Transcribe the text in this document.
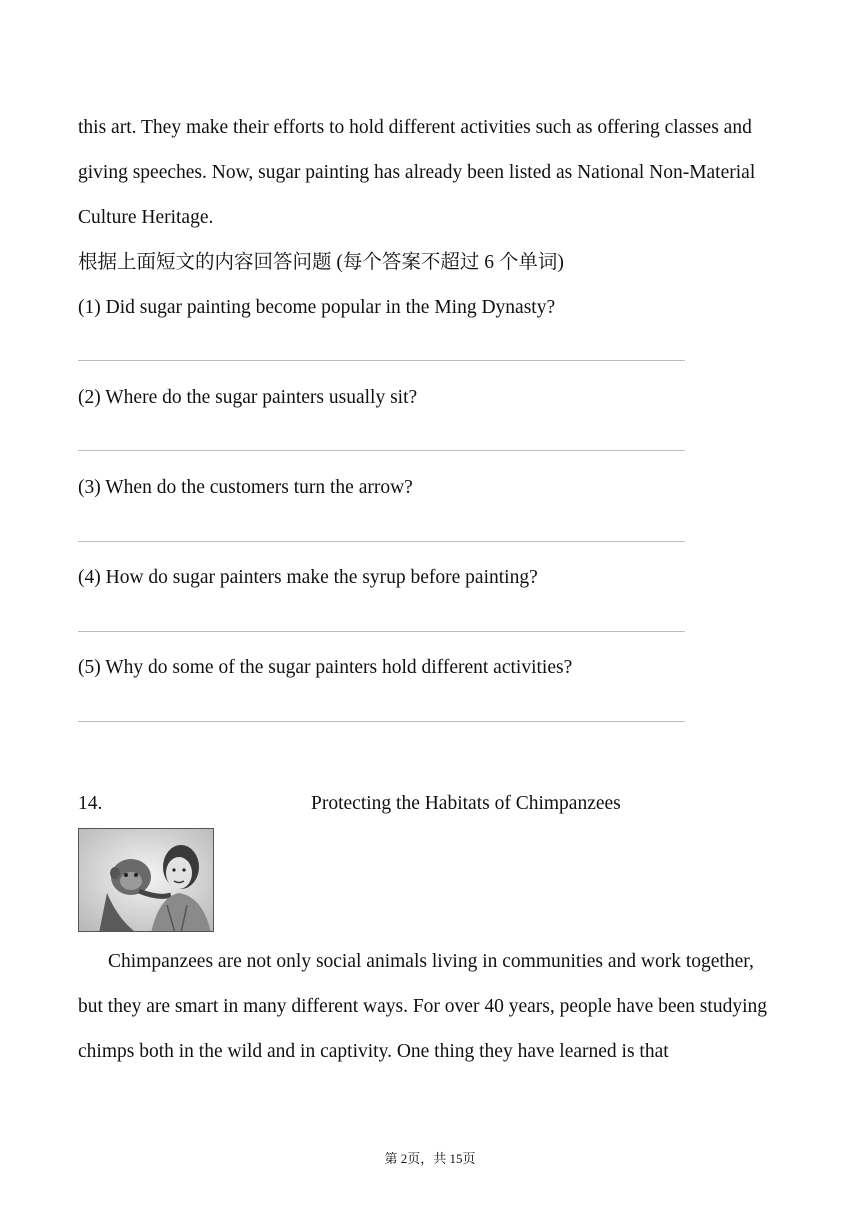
this art. They make their efforts to hold different activities such as offering classes and
giving speeches. Now, sugar painting has already been listed as National Non-Material
Culture Heritage.
根据上面短文的内容回答问题 (每个答案不超过 6 个单词)
(1) Did sugar painting become popular in the Ming Dynasty?
(2) Where do the sugar painters usually sit?
(3) When do the customers turn the arrow?
(4) How do sugar painters make the syrup before painting?
(5) Why do some of the sugar painters hold different activities?
14.	Protecting the Habitats of Chimpanzees
Chimpanzees are not only social animals living in communities and work together,
but they are smart in many different ways. For over 40 years, people have been studying
chimps both in the wild and in captivity. One thing they have learned is that
第 2页，共 15页
